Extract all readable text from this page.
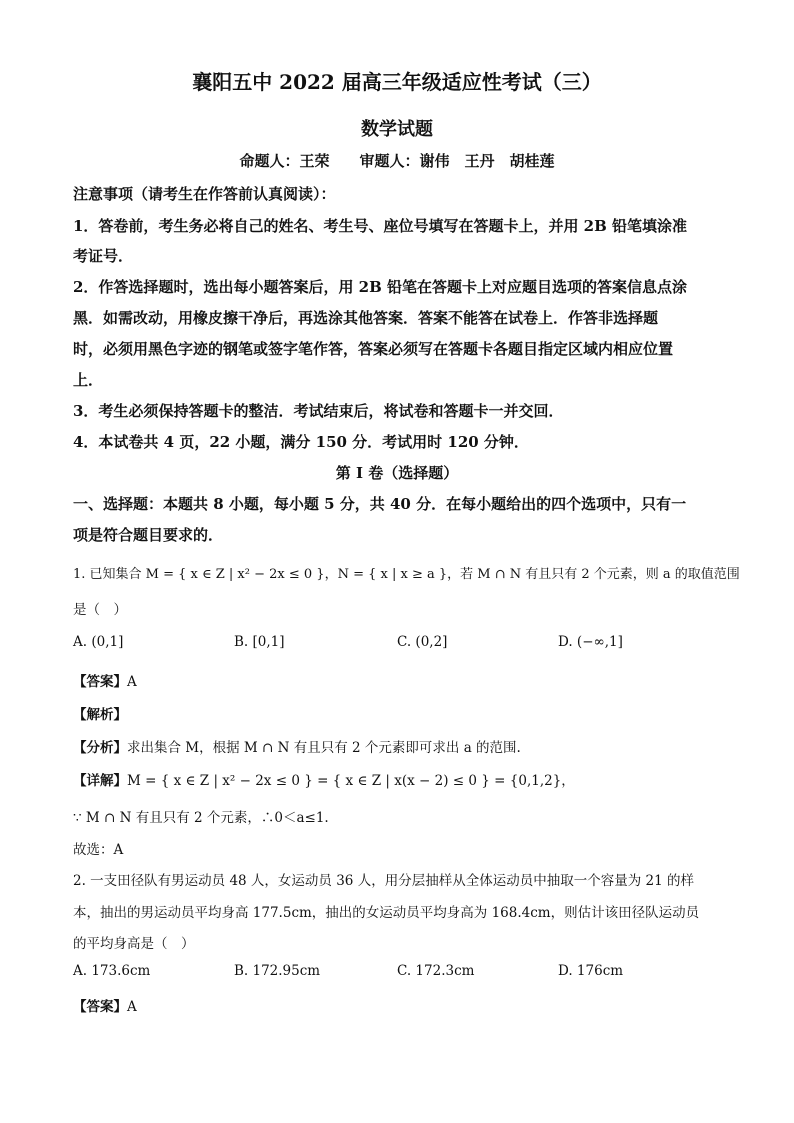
襄阳五中 2022 届高三年级适应性考试（三）
数学试题
命题人：王荣　　审题人：谢伟　王丹　胡桂莲
注意事项（请考生在作答前认真阅读）：
1．答卷前，考生务必将自己的姓名、考生号、座位号填写在答题卡上，并用 2B 铅笔填涂准
考证号．
2．作答选择题时，选出每小题答案后，用 2B 铅笔在答题卡上对应题目选项的答案信息点涂
黑．如需改动，用橡皮擦干净后，再选涂其他答案．答案不能答在试卷上．作答非选择题
时，必须用黑色字迹的钢笔或签字笔作答，答案必须写在答题卡各题目指定区域内相应位置
上．
3．考生必须保持答题卡的整洁．考试结束后，将试卷和答题卡一并交回．
4．本试卷共 4 页，22 小题，满分 150 分．考试用时 120 分钟．
第 I 卷（选择题）
一、选择题：本题共 8 小题，每小题 5 分，共 40 分．在每小题给出的四个选项中，只有一
项是符合题目要求的．
1. 已知集合 M = { x ∈ Z | x² − 2x ≤ 0 }，N = { x | x ≥ a }，若 M ∩ N 有且只有 2 个元素，则 a 的取值范围
是（　）
A. (0,1]	B. [0,1]	C. (0,2]	D. (−∞,1]
【答案】A
【解析】
【分析】求出集合 M，根据 M ∩ N 有且只有 2 个元素即可求出 a 的范围.
【详解】M = { x ∈ Z | x² − 2x ≤ 0 } = { x ∈ Z | x(x − 2) ≤ 0 } = {0,1,2}，
∵ M ∩ N 有且只有 2 个元素，∴0＜a≤1.
故选：A
2. 一支田径队有男运动员 48 人，女运动员 36 人，用分层抽样从全体运动员中抽取一个容量为 21 的样
本，抽出的男运动员平均身高 177.5cm，抽出的女运动员平均身高为 168.4cm，则估计该田径队运动员
的平均身高是（　）
A. 173.6cm	B. 172.95cm	C. 172.3cm	D. 176cm
【答案】A
